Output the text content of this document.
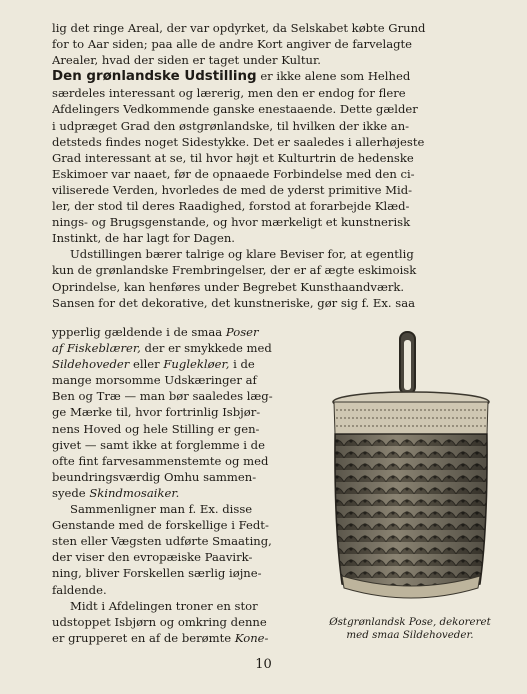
lig det ringe Areal, der var opdyrket, da Selskabet købte Grund
for to Aar siden; paa alle de andre Kort angiver de farvelagte
Arealer, hvad der siden er taget under Kultur.
Den grønlandske Udstilling er ikke alene som Helhed
særdeles interessant og lærerig, men den er endog for flere
Afdelingers Vedkommende ganske enestaaende. Dette gælder
i udpræget Grad den østgrønlandske, til hvilken der ikke an-
detsteds findes noget Sidestykke. Det er saaledes i allerhøjeste
Grad interessant at se, til hvor højt et Kulturtrin de hedenske
Eskimoer var naaet, før de opnaaede Forbindelse med den ci-
viliserede Verden, hvorledes de med de yderst primitive Mid-
ler, der stod til deres Raadighed, forstod at forarbejde Klæd-
nings- og Brugsgenstande, og hvor mærkeligt et kunstnerisk
Instinkt, de har lagt for Dagen.
Udstillingen bærer talrige og klare Beviser for, at egentlig
kun de grønlandske Frembringelser, der er af ægte eskimoisk
Oprindelse, kan henføres under Begrebet Kunsthaandværk.
Sansen for det dekorative, det kunstneriske, gør sig f. Ex. saa
ypperlig gældende i de smaa Poser
af Fiskeblærer, der er smykkede med
Sildehoveder eller Fuglekløer, i de
mange morsomme Udskæringer af
Ben og Træ — man bør saaledes læg-
ge Mærke til, hvor fortrinlig Isbjør-
nens Hoved og hele Stilling er gen-
givet — samt ikke at forglemme i de
ofte fint farvesammenstemte og med
beundringsværdig Omhu sammen-
syede Skindmosaiker.
Sammenligner man f. Ex. disse
Genstande med de forskellige i Fedt-
sten eller Vægsten udførte Smaating,
der viser den evropæiske Paavirk-
ning, bliver Forskellen særlig iøjne-
faldende.
Midt i Afdelingen troner en stor
udstoppet Isbjørn og omkring denne
er grupperet en af de berømte Kone-
Østgrønlandsk Pose, dekoreret
med smaa Sildehoveder.
10
